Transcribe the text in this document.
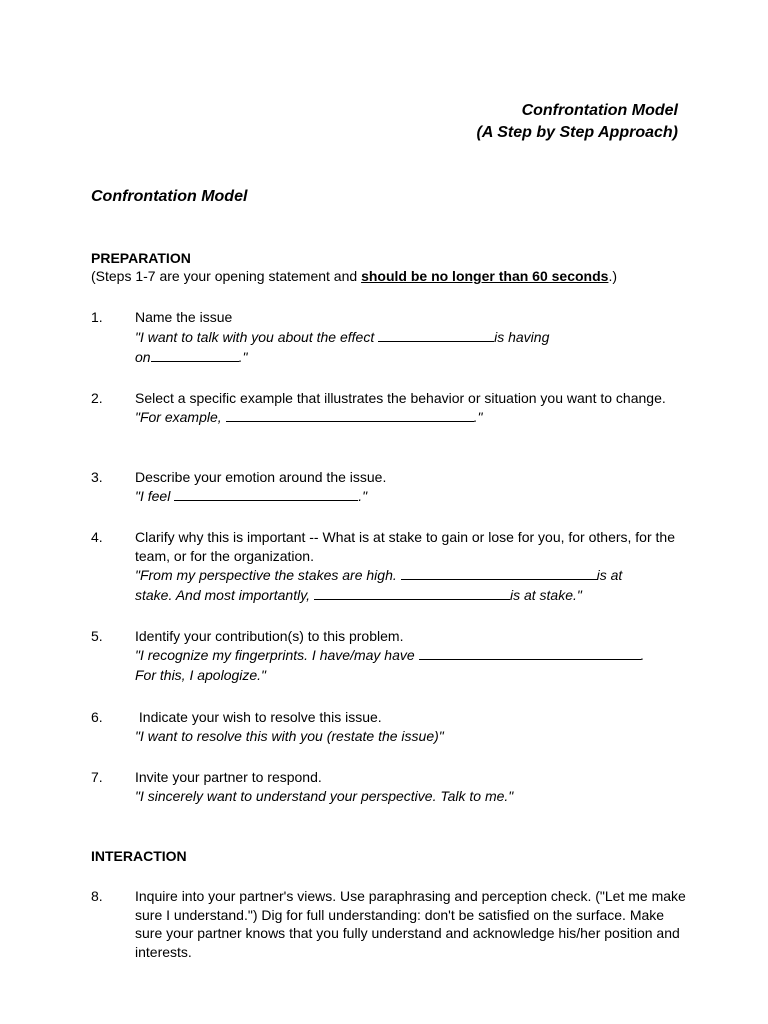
Confrontation Model
(A Step by Step Approach)
Confrontation Model
PREPARATION
(Steps 1-7 are your opening statement and should be no longer than 60 seconds.)
1. Name the issue
"I want to talk with you about the effect	is having
on	."
2. Select a specific example that illustrates the behavior or situation you want to change.
"For example,	."
3. Describe your emotion around the issue.
"I feel	."
4. Clarify why this is important -- What is at stake to gain or lose for you, for others, for the team, or for the organization.
"From my perspective the stakes are high.	is at
stake. And most importantly,	is at stake."
5. Identify your contribution(s) to this problem.
"I recognize my fingerprints. I have/may have	.
For this, I apologize."
6. Indicate your wish to resolve this issue.
"I want to resolve this with you (restate the issue)"
7. Invite your partner to respond.
"I sincerely want to understand your perspective. Talk to me."
INTERACTION
8. Inquire into your partner's views. Use paraphrasing and perception check. ("Let me make sure I understand.") Dig for full understanding: don't be satisfied on the surface. Make sure your partner knows that you fully understand and acknowledge his/her position and interests.
